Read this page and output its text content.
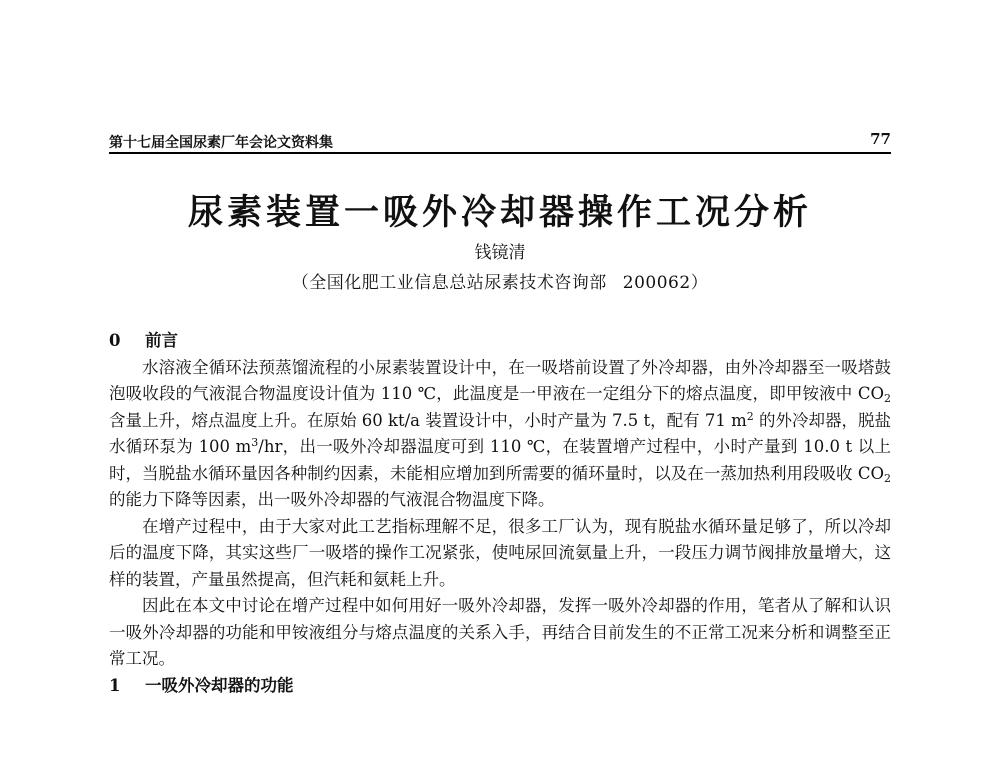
第十七届全国尿素厂年会论文资料集	77
尿素装置一吸外冷却器操作工况分析
钱镜清
（全国化肥工业信息总站尿素技术咨询部 200062）

0 前言

水溶液全循环法预蒸馏流程的小尿素装置设计中，在一吸塔前设置了外冷却器，由外冷却器至一吸塔鼓泡吸收段的气液混合物温度设计值为 110 ℃，此温度是一甲液在一定组分下的熔点温度，即甲铵液中 $CO_2$ 含量上升，熔点温度上升。在原始 60 kt/a 装置设计中，小时产量为 7.5 t，配有 71 $m^2$ 的外冷却器，脱盐水循环泵为 100 $m^3/hr$，出一吸外冷却器温度可到 110 ℃，在装置增产过程中，小时产量到 10.0 t 以上时，当脱盐水循环量因各种制约因素，未能相应增加到所需要的循环量时，以及在一蒸加热利用段吸收 $CO_2$ 的能力下降等因素，出一吸外冷却器的气液混合物温度下降。

在增产过程中，由于大家对此工艺指标理解不足，很多工厂认为，现有脱盐水循环量足够了，所以冷却后的温度下降，其实这些厂一吸塔的操作工况紧张，使吨尿回流氨量上升，一段压力调节阀排放量增大，这样的装置，产量虽然提高，但汽耗和氨耗上升。

因此在本文中讨论在增产过程中如何用好一吸外冷却器，发挥一吸外冷却器的作用，笔者从了解和认识一吸外冷却器的功能和甲铵液组分与熔点温度的关系入手，再结合目前发生的不正常工况来分析和调整至正常工况。

1 一吸外冷却器的功能
